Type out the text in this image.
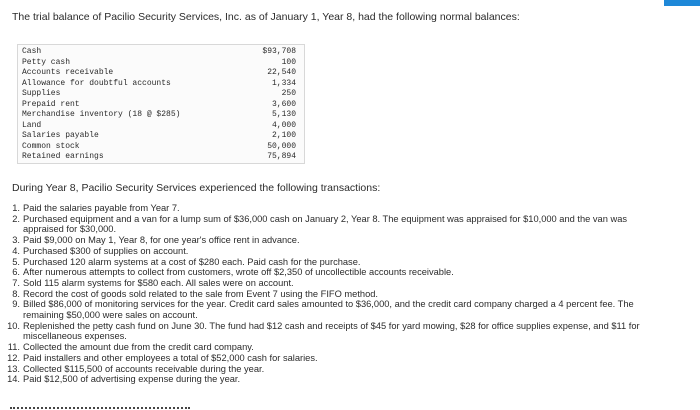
The trial balance of Pacilio Security Services, Inc. as of January 1, Year 8, had the following normal balances:
Cash	$93,708
Petty cash	100
Accounts receivable	22,540
Allowance for doubtful accounts	1,334
Supplies	250
Prepaid rent	3,600
Merchandise inventory (18 @ $285)	5,130
Land	4,000
Salaries payable	2,100
Common stock	50,000
Retained earnings	75,894
During Year 8, Pacilio Security Services experienced the following transactions:
1. Paid the salaries payable from Year 7.
2. Purchased equipment and a van for a lump sum of $36,000 cash on January 2, Year 8. The equipment was appraised for $10,000 and the van was appraised for $30,000.
3. Paid $9,000 on May 1, Year 8, for one year's office rent in advance.
4. Purchased $300 of supplies on account.
5. Purchased 120 alarm systems at a cost of $280 each. Paid cash for the purchase.
6. After numerous attempts to collect from customers, wrote off $2,350 of uncollectible accounts receivable.
7. Sold 115 alarm systems for $580 each. All sales were on account.
8. Record the cost of goods sold related to the sale from Event 7 using the FIFO method.
9. Billed $86,000 of monitoring services for the year. Credit card sales amounted to $36,000, and the credit card company charged a 4 percent fee. The remaining $50,000 were sales on account.
10. Replenished the petty cash fund on June 30. The fund had $12 cash and receipts of $45 for yard mowing, $28 for office supplies expense, and $11 for miscellaneous expenses.
11. Collected the amount due from the credit card company.
12. Paid installers and other employees a total of $52,000 cash for salaries.
13. Collected $115,500 of accounts receivable during the year.
14. Paid $12,500 of advertising expense during the year.
